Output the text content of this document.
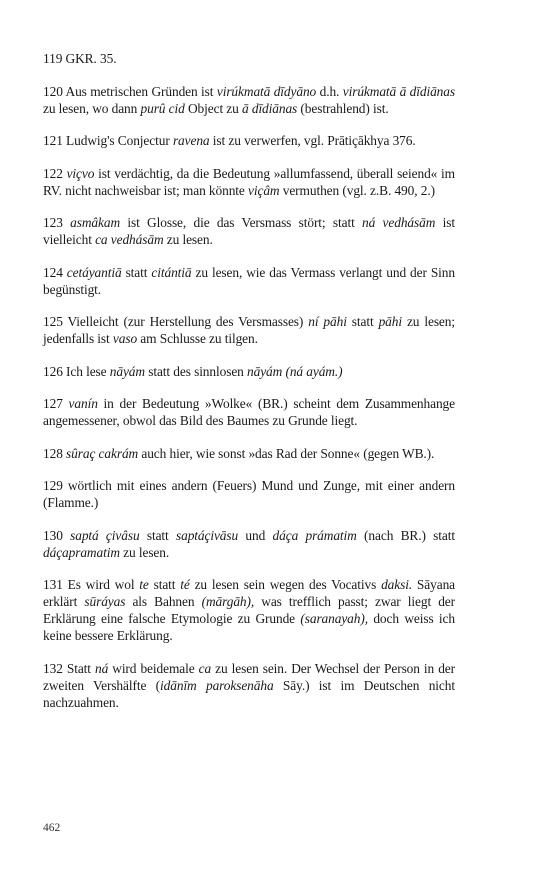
119 GKR. 35.

120 Aus metrischen Gründen ist virúkmatā dīdyāno d.h. virúkmatā ā dīdiānas zu lesen, wo dann purû cid Object zu ā dīdiānas (bestrahlend) ist.

121 Ludwig's Conjectur ravena ist zu verwerfen, vgl. Prātiçākhya 376.

122 viçvo ist verdächtig, da die Bedeutung »allumfassend, überall seiend« im RV. nicht nachweisbar ist; man könnte viçâm vermuthen (vgl. z.B. 490, 2.)

123 asmâkam ist Glosse, die das Versmass stört; statt ná vedhásām ist vielleicht ca vedhásām zu lesen.

124 cetáyantiā statt citántiā zu lesen, wie das Vermass verlangt und der Sinn begünstigt.

125 Vielleicht (zur Herstellung des Versmasses) ní pāhi statt pāhi zu lesen; jedenfalls ist vaso am Schlusse zu tilgen.

126 Ich lese nāyám statt des sinnlosen nāyám (ná ayám.)

127 vanín in der Bedeutung »Wolke« (BR.) scheint dem Zusammenhange angemessener, obwol das Bild des Baumes zu Grunde liegt.

128 sûraç cakrám auch hier, wie sonst »das Rad der Sonne« (gegen WB.).

129 wörtlich mit eines andern (Feuers) Mund und Zunge, mit einer andern (Flamme.)

130 saptá çivâsu statt saptáçivāsu und dáça prámatim (nach BR.) statt dáçapramatim zu lesen.

131 Es wird wol te statt té zu lesen sein wegen des Vocativs daksi. Sāyana erklärt sūráyas als Bahnen (mārgāh), was trefflich passt; zwar liegt der Erklärung eine falsche Etymologie zu Grunde (saranayah), doch weiss ich keine bessere Erklärung.

132 Statt ná wird beidemale ca zu lesen sein. Der Wechsel der Person in der zweiten Vershälfte (idānīm paroksenāha Sāy.) ist im Deutschen nicht nachzuahmen.

462
